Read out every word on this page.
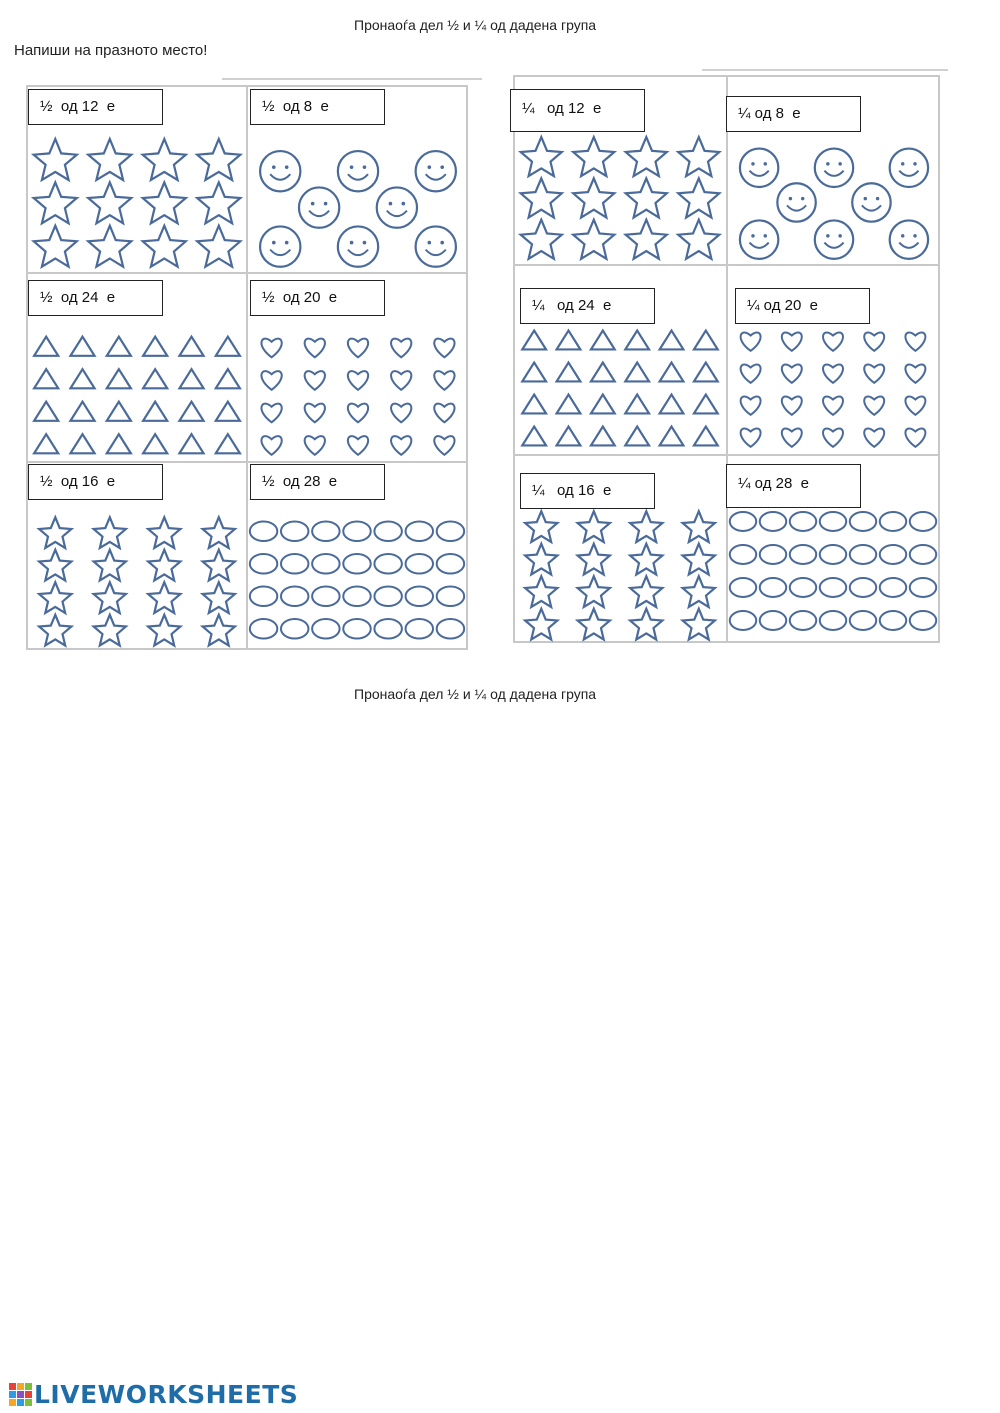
Пронаоѓа дел ½ и ¼ од дадена група
Напиши на празното место!
½  од 12  е	½  од 8  е
½  од 24  е	½  од 20  е
½  од 16  е	½  од 28  е
¼   од 12  е	¼ од 8  е
¼   од 24  е	¼ од 20  е
¼   од 16  е	¼ од 28  е
Пронаоѓа дел ½ и ¼ од дадена група
LIVEWORKSHEETS
